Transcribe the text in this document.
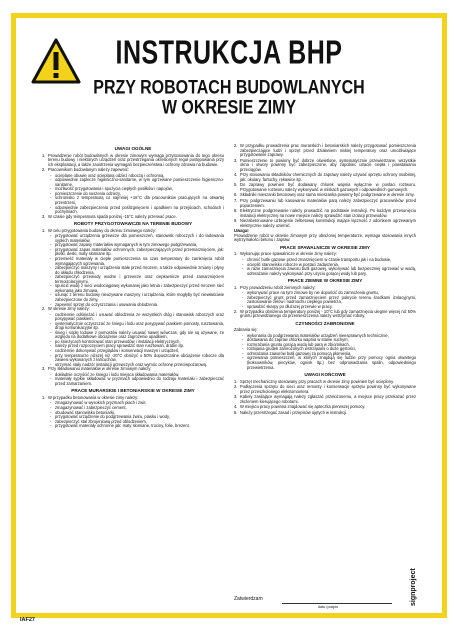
INSTRUKCJA BHP
PRZY ROBOTACH BUDOWLANYCH
W OKRESIE ZIMY
UWAGI OGÓLNE
1. Prowadzenie robót budowlanych w okresie zimowym wymaga przystosowania do tego okresu terenu budowy i niektórych urządzeń oraz przestrzegania określonych reguł postępowania przy ich eksploatacji, a także zaostrzenia wymagań bezpieczeństwa i ochrony zdrowia na budowie.
2. Pracownikom budowlanym należy zapewnić:
- ocieplane obuwie oraz ocieplaną odzież roboczą i ochronną,
- odpowiednie zaplecze higieniczno-sanitarne, w tym ogrzewane pomieszczenie higieniczno-sanitarne,
- możliwość przygotowania i spożycia ciepłych posiłków i napojów,
- pomieszczenie do suszenia odzieży,
- schronisko z temperaturą co najmniej +16°C dla pracowników pracujących na otwartej przestrzeni,
- odpowiednie zabezpieczenia przed poślizgnięciem i upadkiem na przejściach, schodach i pochylniach.
3. W czasie gdy temperatura spada poniżej -15°C należy przerwać prace.
ROBOTY PRZYGOTOWAWCZE NA TERENIE BUDOWY
1. W celu przygotowania budowy do okresu zimowego należy:
- przygotować urządzenia grzewcze dla pomieszczeń, stanowisk roboczych i do ładowania sypkich materiałów,
- przygotować zapasy materiałów wymaganych w tym zimowego podgrzewania,
- przygotować zapas materiałów ochronnych, zabezpieczających przed przemarznięciem, jak: płotki, deski, maty słomiane itp.
- przemieść materiały w ciepłe pomieszczenia na czas temperatury do zamknięcia robót wymagających ogrzewania,
- zabezpieczyć maszyny i urządzenia stałe przed mrozem, a także odpowiednie zmiany i płyny do układu chłodzenia,
- zabezpieczyć przewody wodne i grzewcze oraz ciepłownicze przed zamarznięciem termoizolacyjnymi,
- spuścić wodę z sieci wodociągowej wykonanej jako letnia i zabezpieczyć przed mrozem sieć wykonaną jako zimowa,
- usunąć z terenu budowy nieużywane maszyny i urządzenia, które mogłyby być niewłaściwie zabezpieczone do zimy,
- zapewnić sprzęt do oczyszczania i usuwania oblodzenia.
2. W okresie zimy należy:
- codziennie odśnieżać i usuwać oblodzenia ze wszystkich dróg i stanowisk roboczych oraz posypywać piaskiem,
- systematycznie oczyszczać ze śniegu i lodu oraz posypywać piaskiem pomosty, rusztowania, drogi komunikacyjne itp.
- śnieg i soplę lodowe z pomostów należy usuwać nawet wówczas, gdy nie są używane, ze względu na dodatkowe obciążenie oraz zagrożenie upadkiem,
- po śnieżycach kontrolować stan przewodów i instalacji elektrycznych,
- należy przed rozpoczęciem pracy sprawdzić stan rusztowań, drabin itp.
- codziennie dokonywać przeglądów i konserwacji maszyn i urządzeń,
- przy temperaturze niższej niż -20°C obniżyć o 50% dopuszczalne obciążenie robocze dla zawiesi wykonanych z łańcuchów,
- utrzymać stały nadzór instalacji grzewczych oraz wymóc ochronę przeciwpożarową.
3. Przy składowaniu materiałów w okresie zimowym należy:
- dokładnie oczyścić ze śniegu i lodu miejsca składowania materiałów,
- materiały sypkie składować w pryzmach odpowiednio do rodzaju materiału i zabezpieczać przed zamarzaniem.
PRACE MURARSKIE I BETONIARSKIE W OKRESIE ZIMY
1. W przypadku betonowania w okresie zimy należy:
- zmagazynować w wysokich pryzmach piach i żwir,
- zmagazynować i zabezpieczyć cement,
- obudować stanowisko betoniarki,
- przygotować urządzenie do podgrzewania żwiru, piasku i wody,
- zabezpieczyć stal zbrojeniową przed oblodzeniem,
- przygotować materiały ochronne jak: maty słomiane, trociny, folie, brezent.
2. W przypadku prowadzenia prac murarskich i betoniarskich należy przygotować pomieszczenia zabezpieczające ludzi i sprzęt przed działaniem niskiej temperatury oraz umożliwiające przygotowanie zaprawy.
3. Pomieszczenie to powinny być dobrze oświetlone, systematycznie przewietrzane, wszystkie okna i otwory powinny być zabezpieczone, aby zapobiec utracie ciepła i powstawaniu przeciągów.
4. Przy stosowaniu składników chemicznych do zaprawy należy używać sprzętu ochrony osobistej, jak: okulary, fartuchy, rękawice itp.
5. Do zaprawy powinien być dodawany chlorek wapnia wyłącznie w postaci roztworu. Przygotowanie roztworu należy wykonywać w miskach gazowych i odpowiednich gumowych.
6. Składniki mieszanki betonowej oraz sama mieszanka powinny być podgrzewane w okresie zimy.
7. Przy podgrzewaniu lub kasowaniu materiałów parą należy zabezpieczyć pracowników przed poparzeniem.
8. Elektryczne podgrzewanie należy prowadzić na podstawie instrukcji. Po każdym przesunięciu instalacji elektrycznej na nowe miejsce należy sprawdzić stan izolacji przewodów.
9. Niezabetonowane uzbrojenie żelbetowej konstrukcji mające łączność z odcinkiem ogrzewanym elektrycznie należy uziemić.
Uwaga!
Prowadzenie robót w okresie zimowym przy obniżonej temperaturze, wymaga stosowania innych wytrzymałości betonu i zapraw.
PRACE SPAWALNICZE W OKRESIE ZIMY
1. Wykonując prace spawalnicze w okresie zimy należy:
- chronić butle gazowe przed zmarznięciem w czasie transportu jak i na budowie,
- ocieplić stanowisko robocze w postaci zadaszenia,
- w razie zamarznięcia zaworu butli gazowej, wykonywać lub bezpieczniej ogrzewać w wodą, odmrażanie należy wykonywać przy użyciu gorącej wody lub pary.
PRACE ZIEMNE W OKRESIE ZIMY
1. Przy prowadzeniu robót ziemnych należy:
- wykonywać prace na tym zimowe by nie dopuścić do zamrożenia gruntu,
- zabezpieczyć grunt przed zamarznięciem przez pokrycie terenu środkami izolacyjnymi, zastosowanie żelów i nadmuchu ciepłego powietrza,
- sprawdzić skarpy po dłuższej przerwie w pracy.
2. W przypadku obniżenia temperatury poniżej - 10°C lub gdy zamarznięcia ulegnie więcej niż 50% gruntu przewidzianego do przemieszczenia należy wstrzymać roboty.
CZYNNOŚCI ZABRONIONE
Zabrania się:
- wykonania do podgrzewania materiałów urządzeń nieesprawnych technicznie,
- dostawania do zapraw chlorku wapnia w stanie suchym,
- rozmrażania gruntu gorącą wodą lub parą w zbiornikach,
- rozbijania grudek zamrożonych wstrząsami o duże gęstości,
- odmrażania zaworów butli gazowej za pomocą płomienia,
- ogrzewania pomieszczeń, w których znajdują się ludzie przy pomocy ognia otwartego (koksowników, piecyków, ognisk itp.) bez odprowadzania spalin, odpowiedniego przewietrzenia.
UWAGI KOŃCOWE
1. Sprzęt mechaniczny stosowany przy pracach w okresie zimy powinien być ucieplony.
2. Podłączenia sprzętu do sieci oraz remonty i konserwacje sprzętu powinny być wykonywane przez przeszkolonego elektromontera.
3. Kabely zasilające wymagają należy zgłaszać przełożonemu, a miejsce pracy przekazać przez złożeniem kierującego robotami.
4. W miejscu pracy powinna znajdować się apteczka pierwszej pomocy.
5. Należy przestrzegać zasad i przepisów ujętych w instrukcji.
Zatwierdzam
data i podpis
signproject
IAF27
